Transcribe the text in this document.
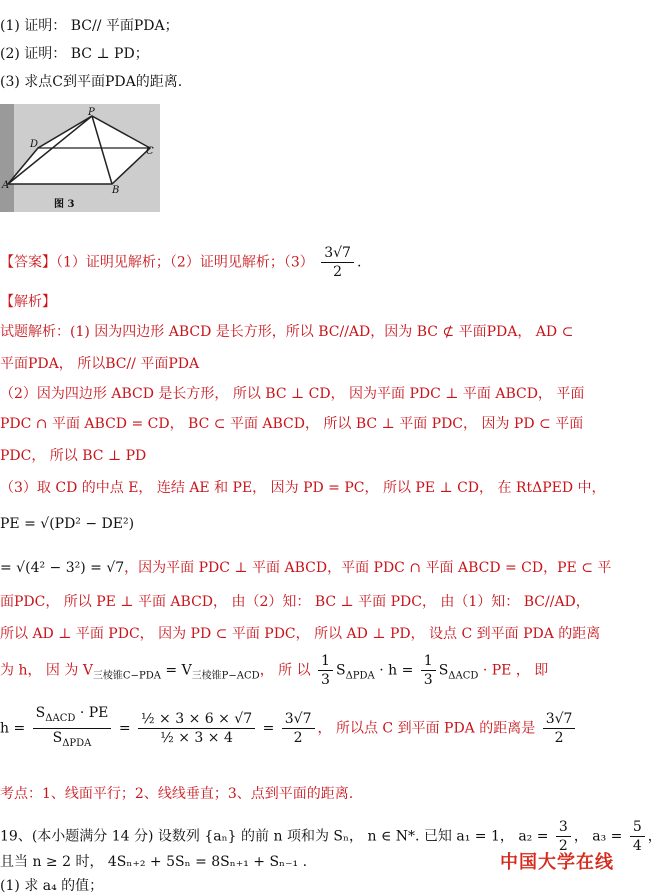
(1) 证明： BC// 平面PDA；
(2) 证明： BC ⊥ PD；
(3) 求点C到平面PDA的距离.
P
D
C
A	B
图 3
【答案】（1）证明见解析；（2）证明见解析；$(3) \frac{3√7}{2}$ .
【解析】
试题解析：(1) 因为四边形 ABCD 是长方形，所以 BC//AD，因为 BC ⊄ 平面PDA， AD ⊂
平面PDA， 所以BC// 平面PDA
（2）因为四边形 ABCD 是长方形， 所以 BC ⊥ CD， 因为平面 PDC ⊥ 平面 ABCD， 平面
PDC ∩ 平面 ABCD = CD， BC ⊂ 平面 ABCD， 所以 BC ⊥ 平面 PDC， 因为 PD ⊂ 平面
PDC， 所以 BC ⊥ PD
（3）取 CD 的中点 E， 连结 AE 和 PE， 因为 PD = PC， 所以 PE ⊥ CD， 在 RtΔPED 中，
PE = √(PD² − DE²)
= √(4² − 3²) = √7，因为平面 PDC ⊥ 平面 ABCD，平面 PDC ∩ 平面 ABCD = CD，PE ⊂ 平
面PDC， 所以 PE ⊥ 平面 ABCD， 由（2）知： BC ⊥ 平面 PDC， 由（1）知： BC//AD，
所以 AD ⊥ 平面 PDC， 因为 PD ⊂ 平面 PDC， 所以 AD ⊥ PD， 设点 C 到平面 PDA 的距离
为 h， 因 为 $V_{三棱锥C-PDA} = V_{三棱锥P-ACD}$， 所 以 $\frac{1}{3} S_{\Delta PDA} \cdot h = \frac{1}{3} S_{\Delta ACD}$ · PE ， 即
$h = \frac{S_{\Delta ACD} \cdot PE}{S_{\Delta PDA}} = \frac{\text{½ × 3 × 6 × √7}}{\text{½ × 3 × 4}} = \frac{3√7}{2}$ ， 所以点 C 到平面 PDA 的距离是 $\frac{3√7}{2}$
考点：1、线面平行；2、线线垂直；3、点到平面的距离.
19、(本小题满分 14 分) 设数列 {aₙ} 的前 n 项和为 Sₙ， n ∈ N*. 已知 a₁ = 1， $a_2 = \frac{3}{2}$ ， $a_3 = \frac{5}{4}$ ，
且当 n ≥ 2 时， 4Sₙ₊₂ + 5Sₙ = 8Sₙ₊₁ + Sₙ₋₁ .
(1) 求 a₄ 的值；
中国大学在线
